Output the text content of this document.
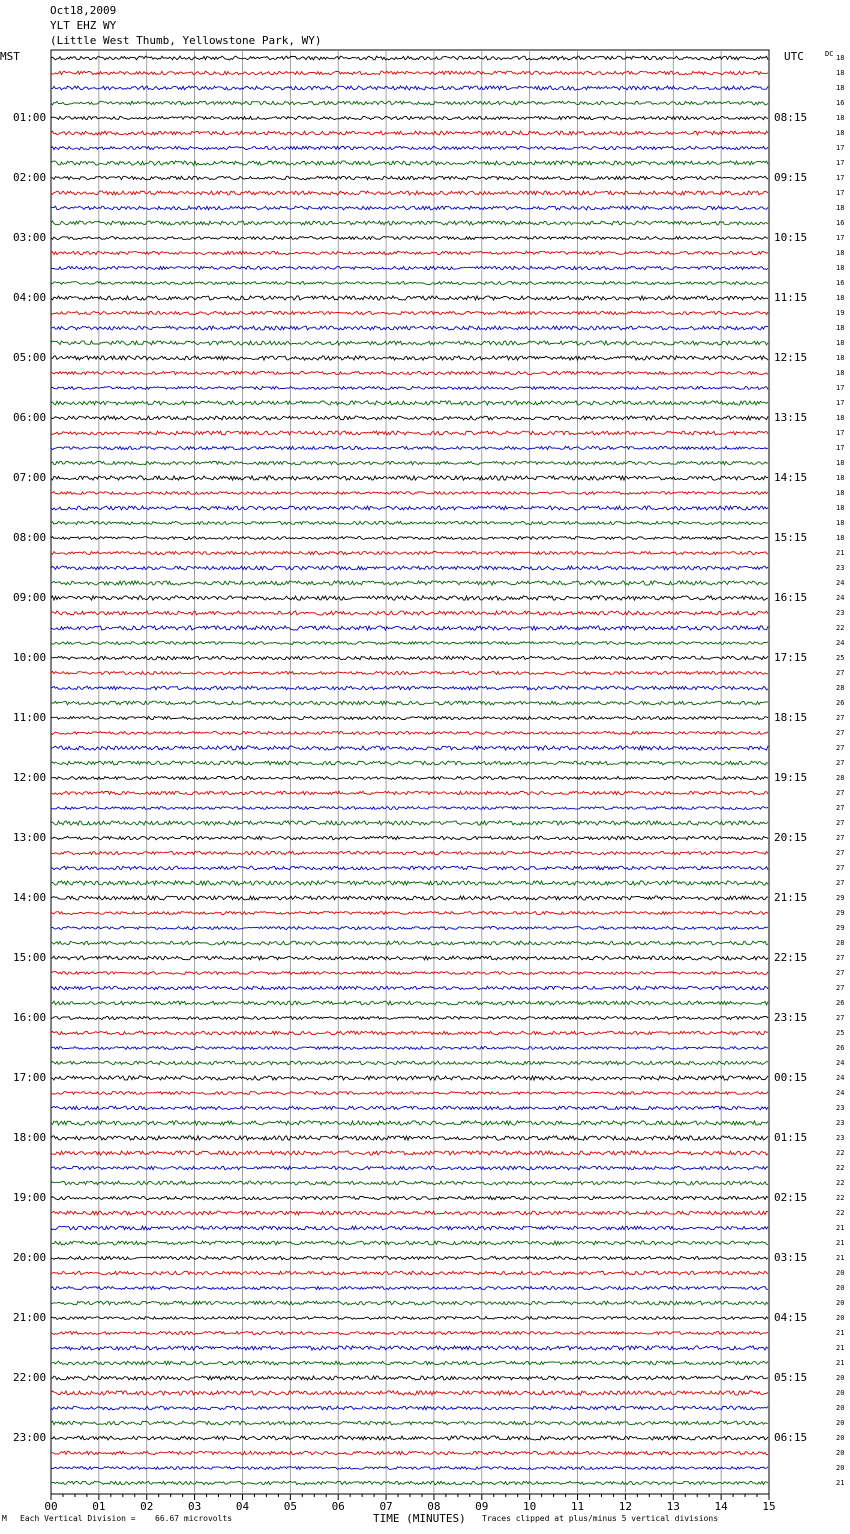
Oct18,2009
YLT EHZ WY
(Little West Thumb, Yellowstone Park, WY)
MST	UTC	DC
01:00
02:00
03:00
04:00
05:00
06:00
07:00
08:00
09:00
10:00
11:00
12:00
13:00
14:00
15:00
16:00
17:00
18:00
19:00
20:00
21:00
22:00
23:00
08:15
09:15
10:15
11:15
12:15
13:15
14:15
15:15
16:15
17:15
18:15
19:15
20:15
21:15
22:15
23:15
00:15
01:15
02:15
03:15
04:15
05:15
06:15
18
18
18
16
18
18
17
17
17
17
18
16
17
18
18
16
18
19
18
18
18
18
17
17
18
17
17
18
18
18
18
18
18
21
23
24
24
23
22
24
25
27
28
26
27
27
27
27
28
27
27
27
27
27
27
27
29
29
29
28
27
27
27
26
27
25
26
24
24
24
23
23
23
22
22
22
22
22
21
21
21
20
20
20
20
21
21
21
20
20
20
20
20
20
20
21
00	01	02	03	04	05	06	07	08	09	10	11	12	13	14	15
M Each Vertical Division = 66.67 microvolts	TIME (MINUTES) Traces clipped at plus/minus 5 vertical divisions
